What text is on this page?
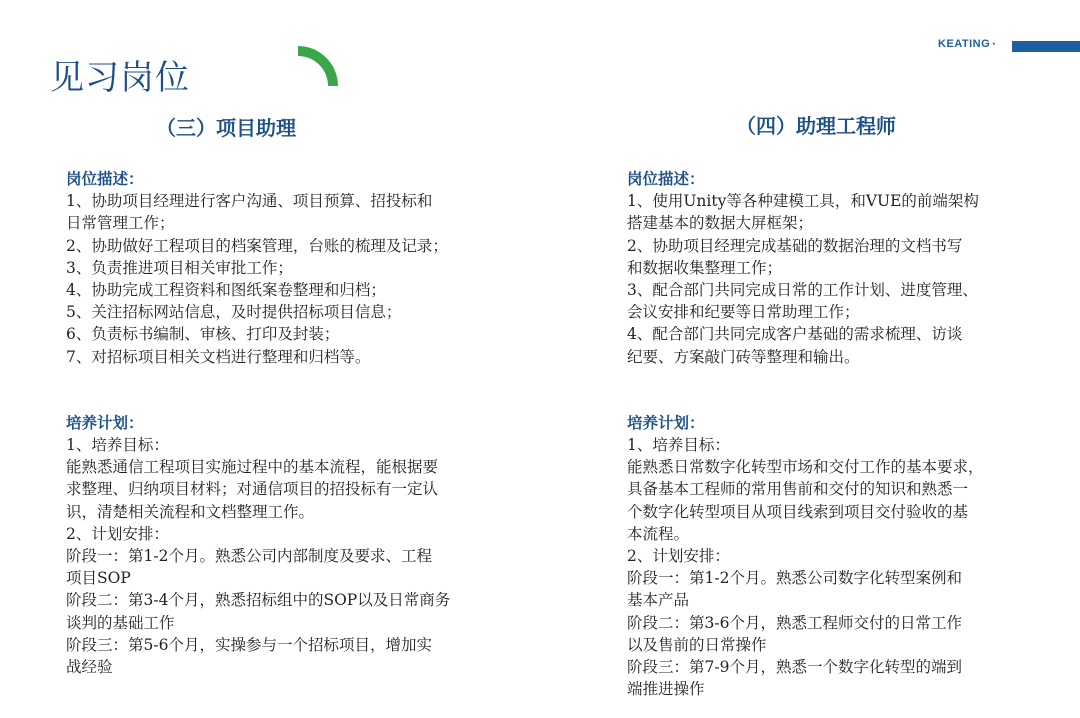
见习岗位
KEATING◔
（三）项目助理	（四）助理工程师
岗位描述：

1、协助项目经理进行客户沟通、项目预算、招投标和

日常管理工作；

2、协助做好工程项目的档案管理，台账的梳理及记录；

3、负责推进项目相关审批工作；

4、协助完成工程资料和图纸案卷整理和归档；

5、关注招标网站信息，及时提供招标项目信息；

6、负责标书编制、审核、打印及封装；

7、对招标项目相关文档进行整理和归档等。

培养计划：

1、培养目标：

能熟悉通信工程项目实施过程中的基本流程，能根据要

求整理、归纳项目材料；对通信项目的招投标有一定认

识，清楚相关流程和文档整理工作。

2、计划安排：

阶段一：第1-2个月。熟悉公司内部制度及要求、工程

项目SOP

阶段二：第3-4个月，熟悉招标组中的SOP以及日常商务

谈判的基础工作

阶段三：第5-6个月，实操参与一个招标项目，增加实

战经验

岗位描述：

1、使用Unity等各种建模工具，和VUE的前端架构

搭建基本的数据大屏框架；

2、协助项目经理完成基础的数据治理的文档书写

和数据收集整理工作；

3、配合部门共同完成日常的工作计划、进度管理、

会议安排和纪要等日常助理工作；

4、配合部门共同完成客户基础的需求梳理、访谈

纪要、方案敲门砖等整理和输出。

培养计划：

1、培养目标：

能熟悉日常数字化转型市场和交付工作的基本要求，

具备基本工程师的常用售前和交付的知识和熟悉一

个数字化转型项目从项目线索到项目交付验收的基

本流程。

2、计划安排：

阶段一：第1-2个月。熟悉公司数字化转型案例和

基本产品

阶段二：第3-6个月，熟悉工程师交付的日常工作

以及售前的日常操作

阶段三：第7-9个月，熟悉一个数字化转型的端到

端推进操作
